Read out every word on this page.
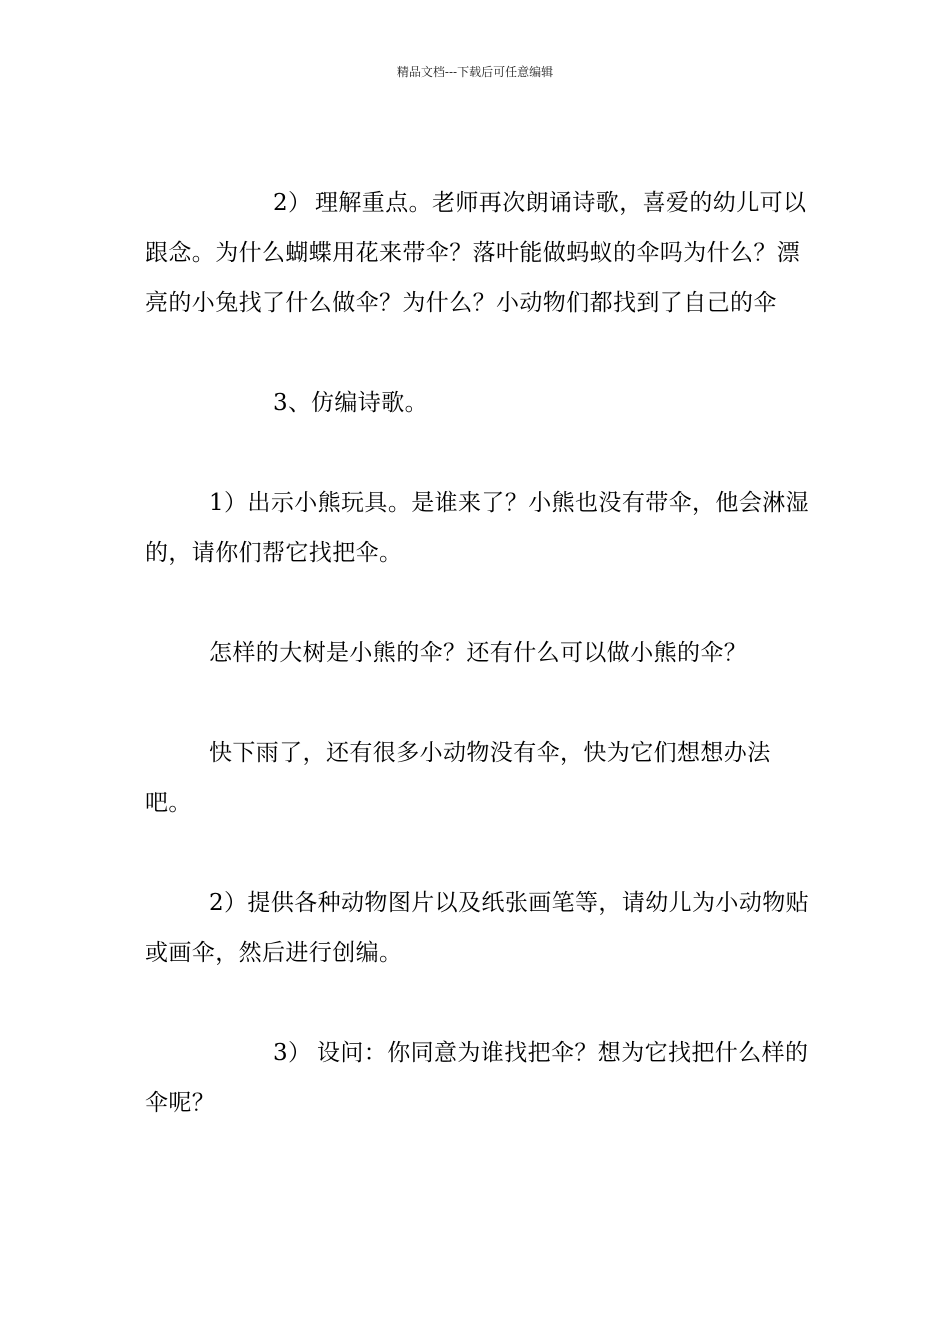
精品文档---下载后可任意编辑

2） 理解重点。老师再次朗诵诗歌，喜爱的幼儿可以跟念。为什么蝴蝶用花来带伞？落叶能做蚂蚁的伞吗为什么？漂亮的小兔找了什么做伞？为什么？小动物们都找到了自己的伞

3、仿编诗歌。

1）出示小熊玩具。是谁来了？小熊也没有带伞，他会淋湿的，请你们帮它找把伞。

怎样的大树是小熊的伞？还有什么可以做小熊的伞？

快下雨了，还有很多小动物没有伞，快为它们想想办法吧。

2）提供各种动物图片以及纸张画笔等，请幼儿为小动物贴或画伞，然后进行创编。

3） 设问：你同意为谁找把伞？想为它找把什么样的伞呢？
